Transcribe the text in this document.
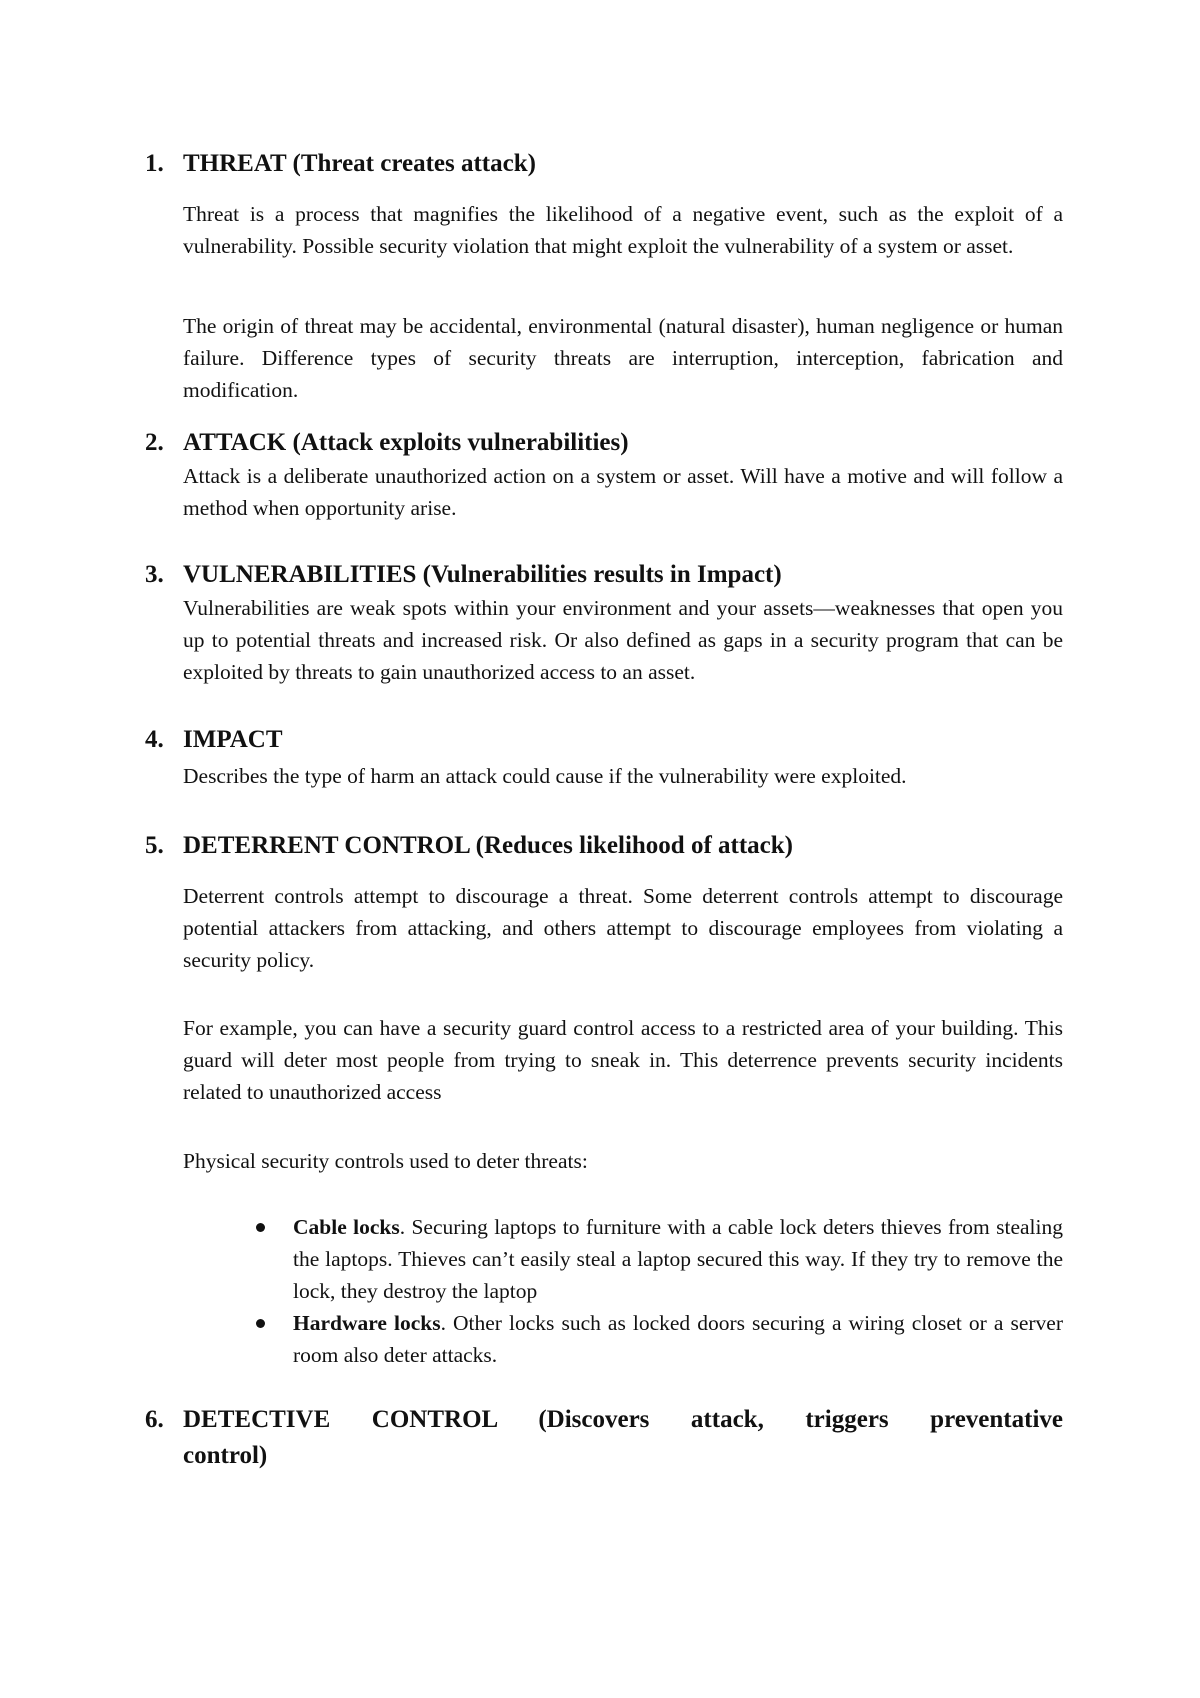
1. THREAT (Threat creates attack)

Threat is a process that magnifies the likelihood of a negative event, such as the exploit of a vulnerability. Possible security violation that might exploit the vulnerability of a system or asset.

The origin of threat may be accidental, environmental (natural disaster), human negligence or human failure. Difference types of security threats are interruption, interception, fabrication and modification.

2. ATTACK (Attack exploits vulnerabilities)

Attack is a deliberate unauthorized action on a system or asset. Will have a motive and will follow a method when opportunity arise.

3. VULNERABILITIES (Vulnerabilities results in Impact)

Vulnerabilities are weak spots within your environment and your assets—weaknesses that open you up to potential threats and increased risk. Or also defined as gaps in a security program that can be exploited by threats to gain unauthorized access to an asset.

4. IMPACT

Describes the type of harm an attack could cause if the vulnerability were exploited.

5. DETERRENT CONTROL (Reduces likelihood of attack)

Deterrent controls attempt to discourage a threat. Some deterrent controls attempt to discourage potential attackers from attacking, and others attempt to discourage employees from violating a security policy.

For example, you can have a security guard control access to a restricted area of your building. This guard will deter most people from trying to sneak in. This deterrence prevents security incidents related to unauthorized access

Physical security controls used to deter threats:

Cable locks. Securing laptops to furniture with a cable lock deters thieves from stealing the laptops. Thieves can’t easily steal a laptop secured this way. If they try to remove the lock, they destroy the laptop
Hardware locks. Other locks such as locked doors securing a wiring closet or a server room also deter attacks.
6. DETECTIVE CONTROL (Discovers attack, triggers preventative
control)
